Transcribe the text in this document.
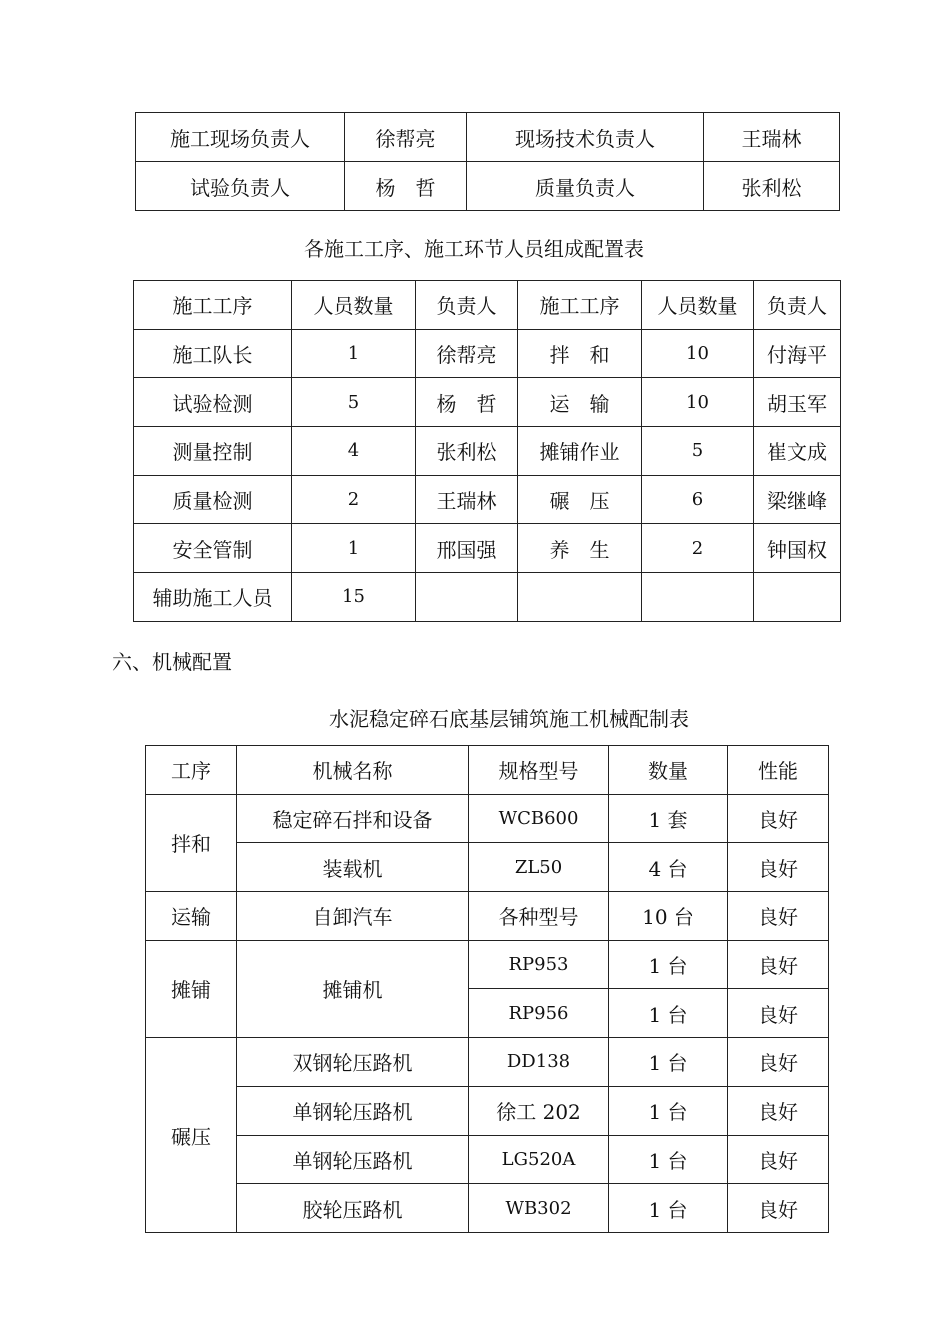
施工现场负责人	徐帮亮	现场技术负责人	王瑞林
试验负责人	杨　哲	质量负责人	张利松
各施工工序、施工环节人员组成配置表
施工工序	人员数量	负责人	施工工序	人员数量	负责人
施工队长	1	徐帮亮	拌　和	10	付海平
试验检测	5	杨　哲	运　输	10	胡玉军
测量控制	4	张利松	摊铺作业	5	崔文成
质量检测	2	王瑞林	碾　压	6	梁继峰
安全管制	1	邢国强	养　生	2	钟国权
辅助施工人员	15				
六、机械配置
水泥稳定碎石底基层铺筑施工机械配制表
工序	机械名称	规格型号	数量	性能
拌和	稳定碎石拌和设备	WCB600	1 套	良好
	装载机	ZL50	4 台	良好
运输	自卸汽车	各种型号	10 台	良好
摊铺	摊铺机	RP953	1 台	良好
		RP956	1 台	良好
碾压	双钢轮压路机	DD138	1 台	良好
	单钢轮压路机	徐工 202	1 台	良好
	单钢轮压路机	LG520A	1 台	良好
	胶轮压路机	WB302	1 台	良好
